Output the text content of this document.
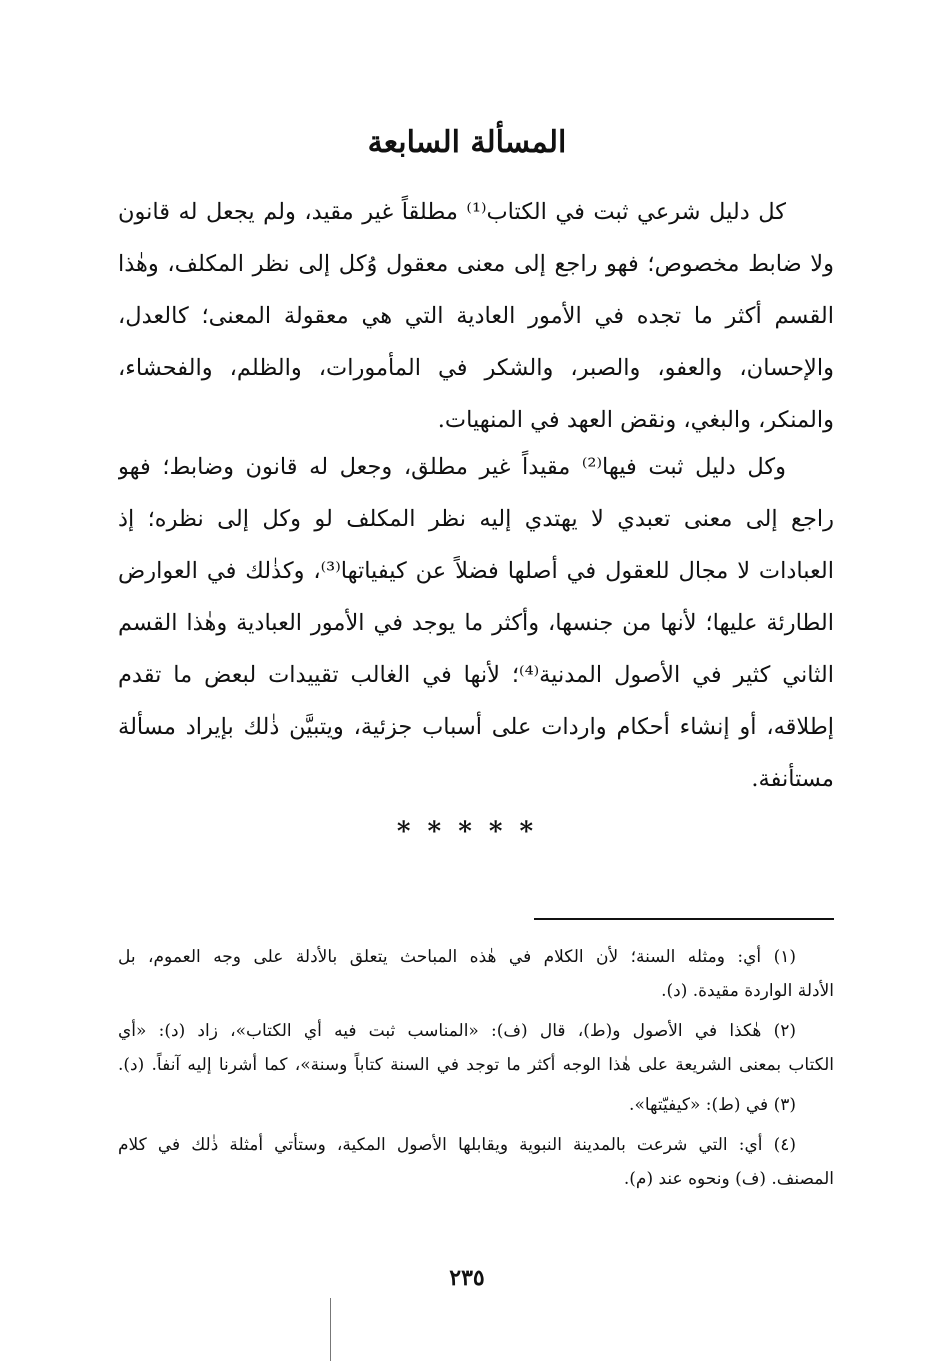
المسألة السابعة
كل دليل شرعي ثبت في الكتاب⁽¹⁾ مطلقاً غير مقيد، ولم يجعل له قانون
ولا ضابط مخصوص؛ فهو راجع إلى معنى معقول وُكل إلى نظر المكلف، وهٰذا
القسم أكثر ما تجده في الأمور العادية التي هي معقولة المعنى؛ كالعدل،
والإحسان، والعفو، والصبر، والشكر في المأمورات، والظلم، والفحشاء،
والمنكر، والبغي، ونقض العهد في المنهيات.
وكل دليل ثبت فيها⁽²⁾ مقيداً غير مطلق، وجعل له قانون وضابط؛ فهو
راجع إلى معنى تعبدي لا يهتدي إليه نظر المكلف لو وكل إلى نظره؛ إذ
العبادات لا مجال للعقول في أصلها فضلاً عن كيفياتها⁽³⁾، وكذٰلك في العوارض
الطارئة عليها؛ لأنها من جنسها، وأكثر ما يوجد في الأمور العبادية وهٰذا القسم
الثاني كثير في الأصول المدنية⁽⁴⁾؛ لأنها في الغالب تقييدات لبعض ما تقدم
إطلاقه، أو إنشاء أحكام واردات على أسباب جزئية، ويتبيَّن ذٰلك بإيراد مسألة
مستأنفة.
* * * * *
(١) أي: ومثله السنة؛ لأن الكلام في هٰذه المباحث يتعلق بالأدلة على وجه العموم، بل
الأدلة الواردة مقيدة. (د).
(٢) هٰكذا في الأصول و(ط)، قال (ف): «المناسب ثبت فيه أي الكتاب»، زاد (د): «أي
الكتاب بمعنى الشريعة على هٰذا الوجه أكثر ما توجد في السنة كتاباً وسنة»، كما أشرنا إليه آنفاً. (د).
(٣) في (ط): «كيفيّتها».
(٤) أي: التي شرعت بالمدينة النبوية ويقابلها الأصول المكية، وستأتي أمثلة ذٰلك في كلام
المصنف. (ف) ونحوه عند (م).
٢٣٥
